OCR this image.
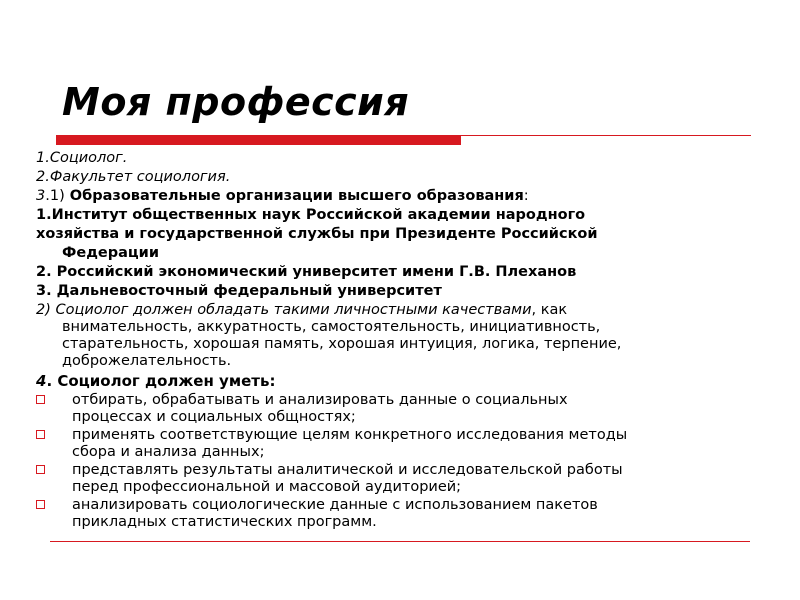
Моя профессия

1.Социолог.

2.Факультет социология.

3.1) Образовательные организации высшего образования:

1.Институт общественных наук Российской академии народного

хозяйства и государственной службы при Президенте Российской

Федерации

2. Российский экономический университет имени Г.В. Плеханов

3. Дальневосточный федеральный университет

2) Социолог должен обладать такими личностными качествами, как
внимательность, аккуратность, самостоятельность, инициативность,
старательность, хорошая память, хорошая интуиция, логика, терпение,
доброжелательность.

4. Социолог должен уметь:

отбирать, обрабатывать и анализировать данные о социальных
процессах и социальных общностях;
применять соответствующие целям конкретного исследования методы
сбора и анализа данных;
представлять результаты аналитической и исследовательской работы
перед профессиональной и массовой аудиторией;
анализировать социологические данные с использованием пакетов
прикладных статистических программ.
